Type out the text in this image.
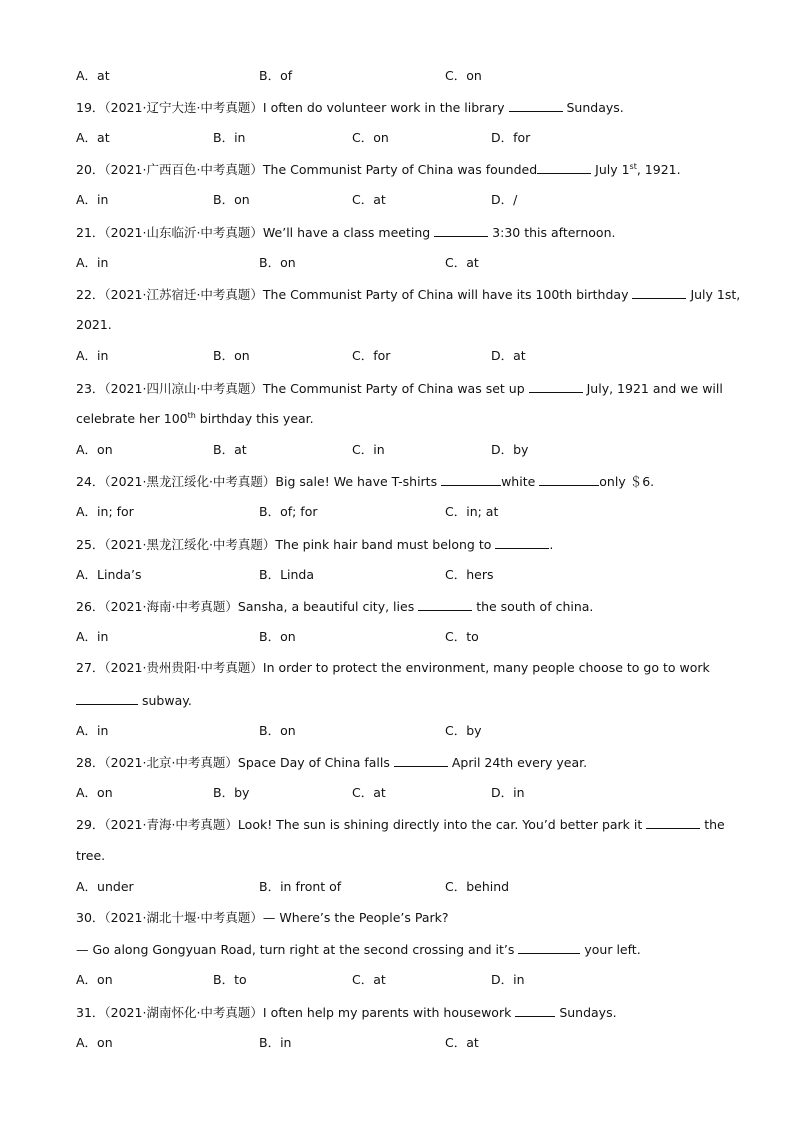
A．at	B．of	C．on
19．（2021·辽宁大连·中考真题）I often do volunteer work in the library	Sundays.
A．at	B．in	C．on	D．for
20．（2021·广西百色·中考真题）The Communist Party of China was founded	July 1st, 1921.
A．in	B．on	C．at	D．/
21．（2021·山东临沂·中考真题）We’ll have a class meeting	3:30 this afternoon.
A．in	B．on	C．at
22．（2021·江苏宿迁·中考真题）The Communist Party of China will have its 100th birthday	July 1st,
2021.
A．in	B．on	C．for	D．at
23．（2021·四川凉山·中考真题）The Communist Party of China was set up	July, 1921 and we will
celebrate her 100th birthday this year.
A．on	B．at	C．in	D．by
24．（2021·黑龙江绥化·中考真题）Big sale! We have T-shirts	white	only ＄6.
A．in; for	B．of; for	C．in; at
25．（2021·黑龙江绥化·中考真题）The pink hair band must belong to	.
A．Linda’s	B．Linda	C．hers
26．（2021·海南·中考真题）Sansha, a beautiful city, lies	the south of china.
A．in	B．on	C．to
27．（2021·贵州贵阳·中考真题）In order to protect the environment, many people choose to go to work
subway.
A．in	B．on	C．by
28．（2021·北京·中考真题）Space Day of China falls	April 24th every year.
A．on	B．by	C．at	D．in
29．（2021·青海·中考真题）Look! The sun is shining directly into the car. You’d better park it	the
tree.
A．under	B．in front of	C．behind
30．（2021·湖北十堰·中考真题）— Where’s the People’s Park?
— Go along Gongyuan Road, turn right at the second crossing and it’s	your left.
A．on	B．to	C．at	D．in
31．（2021·湖南怀化·中考真题）I often help my parents with housework	Sundays.
A．on	B．in	C．at
